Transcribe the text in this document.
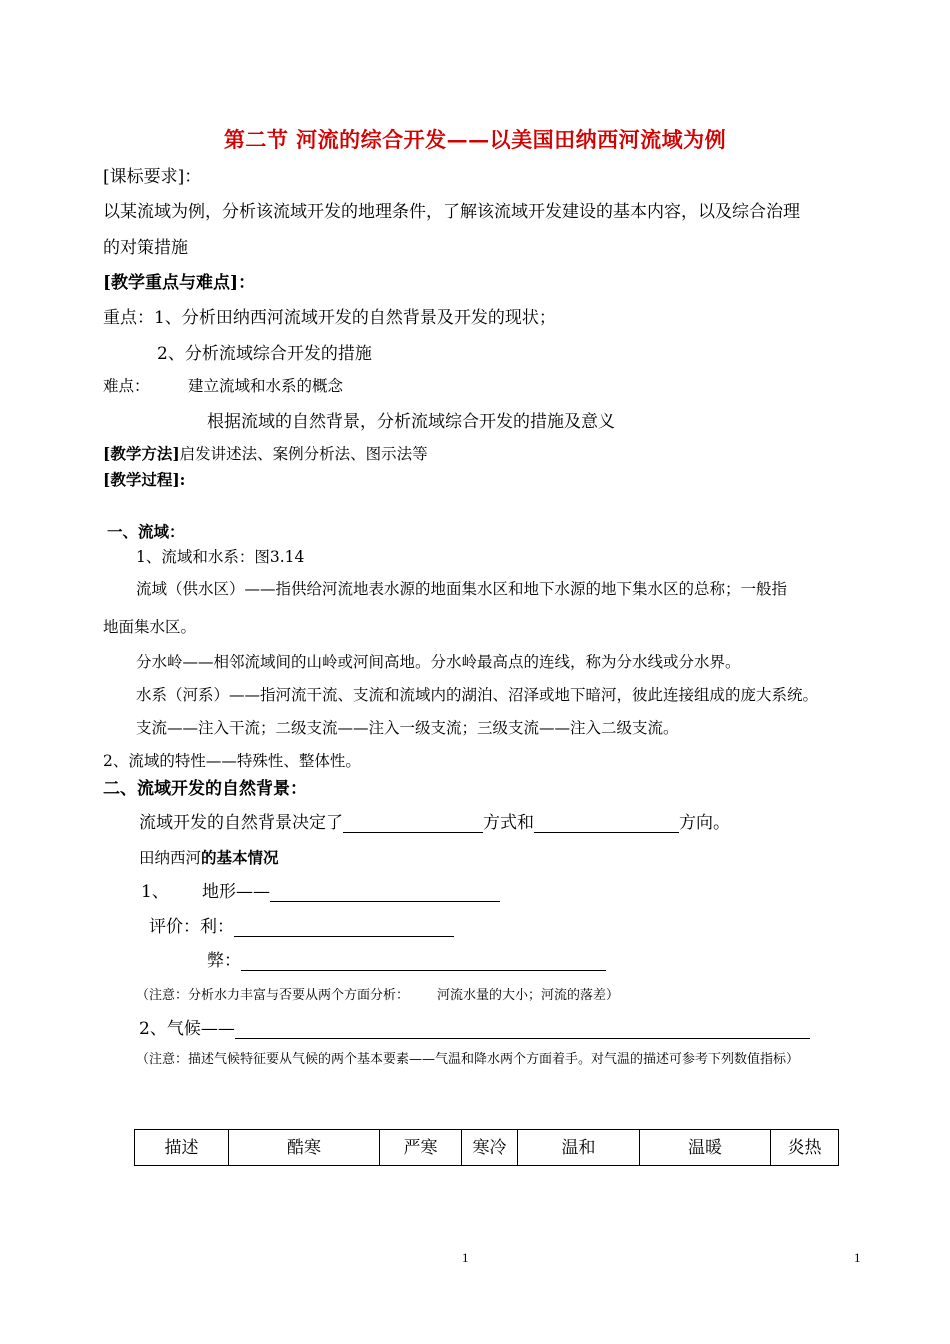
第二节 河流的综合开发——以美国田纳西河流域为例
[课标要求]：
以某流域为例，分析该流域开发的地理条件，了解该流域开发建设的基本内容，以及综合治理
的对策措施
[教学重点与难点]：
重点：1、分析田纳西河流域开发的自然背景及开发的现状；
2、分析流域综合开发的措施
难点： 建立流域和水系的概念
根据流域的自然背景，分析流域综合开发的措施及意义
[教学方法]启发讲述法、案例分析法、图示法等
[教学过程]:
一、流域：
1、流域和水系：图3.14
流域（供水区）——指供给河流地表水源的地面集水区和地下水源的地下集水区的总称；一般指
地面集水区。
分水岭——相邻流域间的山岭或河间高地。分水岭最高点的连线，称为分水线或分水界。
水系（河系）——指河流干流、支流和流域内的湖泊、沼泽或地下暗河，彼此连接组成的庞大系统。
支流——注入干流；二级支流——注入一级支流；三级支流——注入二级支流。
2、流域的特性——特殊性、整体性。
二、流域开发的自然背景：
流域开发的自然背景决定了	方式和	方向。
田纳西河的基本情况
1、 地形——
评价：利：
弊：
（注意：分析水力丰富与否要从两个方面分析： 河流水量的大小；河流的落差）
2、气候——
（注意：描述气候特征要从气候的两个基本要素——气温和降水两个方面着手。对气温的描述可参考下列数值指标）
描述	酷寒	严寒	寒冷	温和	温暖	炎热
1	1
